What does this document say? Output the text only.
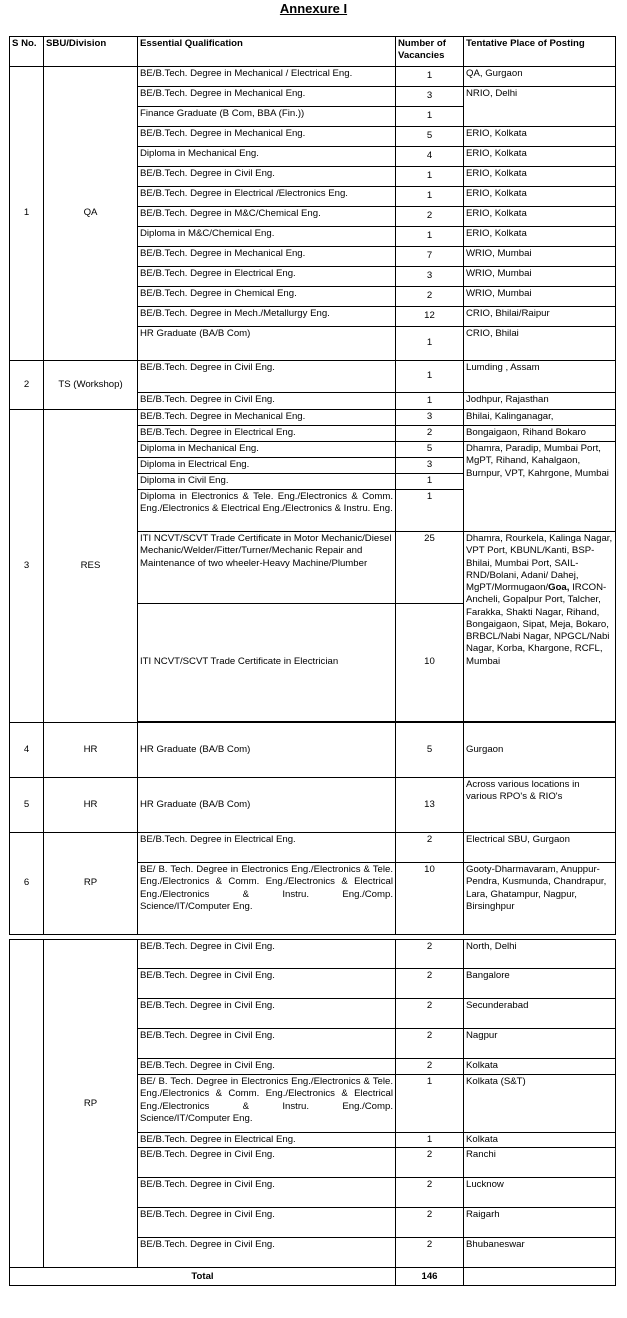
Annexure I
S No.	SBU/Division	Essential Qualification	Number of Vacancies	Tentative Place of Posting
1	QA	BE/B.Tech. Degree in Mechanical / Electrical Eng.	1	QA, Gurgaon
		BE/B.Tech. Degree in Mechanical Eng.	3	NRIO, Delhi
		Finance Graduate (B Com, BBA (Fin.))	1	
		BE/B.Tech. Degree in Mechanical Eng.	5	ERIO, Kolkata
		Diploma in Mechanical Eng.	4	ERIO, Kolkata
		BE/B.Tech. Degree in Civil Eng.	1	ERIO, Kolkata
		BE/B.Tech. Degree in Electrical /Electronics Eng.	1	ERIO, Kolkata
		BE/B.Tech. Degree in M&C/Chemical Eng.	2	ERIO, Kolkata
		Diploma in M&C/Chemical Eng.	1	ERIO, Kolkata
		BE/B.Tech. Degree in Mechanical Eng.	7	WRIO, Mumbai
		BE/B.Tech. Degree in Electrical Eng.	3	WRIO, Mumbai
		BE/B.Tech. Degree in Chemical Eng.	2	WRIO, Mumbai
		BE/B.Tech. Degree in Mech./Metallurgy Eng.	12	CRIO, Bhilai/Raipur
		HR Graduate (BA/B Com)	1	CRIO, Bhilai
2	TS (Workshop)	BE/B.Tech. Degree in Civil Eng.	1	Lumding , Assam
		BE/B.Tech. Degree in Civil Eng.	1	Jodhpur, Rajasthan
3	RES	BE/B.Tech. Degree in Mechanical Eng.	3	Bhilai, Kalinganagar,
		BE/B.Tech. Degree in Electrical Eng.	2	Bongaigaon, Rihand Bokaro
		Diploma in Mechanical Eng.	5	Dhamra, Paradip, Mumbai Port, MgPT, Rihand, Kahalgaon, Burnpur, VPT, Kahrgone, Mumbai
		Diploma in Electrical Eng.	3	
		Diploma in Civil Eng.	1	
		Diploma in Electronics & Tele. Eng./Electronics & Comm. Eng./Electronics & Electrical Eng./Electronics & Instru. Eng.	1	
		ITI NCVT/SCVT Trade Certificate in Motor Mechanic/Diesel Mechanic/Welder/Fitter/Turner/Mechanic Repair and Maintenance of two wheeler-Heavy Machine/Plumber	25	Dhamra, Rourkela, Kalinga Nagar, VPT Port, KBUNL/Kanti, BSP-Bhilai, Mumbai Port, SAIL-RND/Bolani, Adani/ Dahej, MgPT/Mormugaon/Goa, IRCON-Ancheli, Gopalpur Port, Talcher, Farakka, Shakti Nagar, Rihand, Bongaigaon, Sipat, Meja, Bokaro, BRBCL/Nabi Nagar, NPGCL/Nabi Nagar, Korba, Khargone, RCFL, Mumbai
		ITI NCVT/SCVT Trade Certificate in Electrician	10	

4	HR	HR Graduate (BA/B Com)	5	Gurgaon
5	HR	HR Graduate (BA/B Com)	13	Across various locations in various RPO's & RIO's
6	RP	BE/B.Tech. Degree in Electrical Eng.	2	Electrical SBU, Gurgaon
		BE/ B. Tech. Degree in Electronics Eng./Electronics & Tele. Eng./Electronics & Comm. Eng./Electronics & Electrical Eng./Electronics & Instru. Eng./Comp. Science/IT/Computer Eng.	10	Gooty-Dharmavaram, Anuppur- Pendra, Kusmunda, Chandrapur, Lara, Ghatampur, Nagpur, Birsinghpur

	RP	BE/B.Tech. Degree in Civil Eng.	2	North, Delhi
		BE/B.Tech. Degree in Civil Eng.	2	Bangalore
		BE/B.Tech. Degree in Civil Eng.	2	Secunderabad
		BE/B.Tech. Degree in Civil Eng.	2	Nagpur
		BE/B.Tech. Degree in Civil Eng.	2	Kolkata
		BE/ B. Tech. Degree in Electronics Eng./Electronics & Tele. Eng./Electronics & Comm. Eng./Electronics & Electrical Eng./Electronics & Instru. Eng./Comp. Science/IT/Computer Eng.	1	Kolkata (S&T)
		BE/B.Tech. Degree in Electrical Eng.	1	Kolkata
		BE/B.Tech. Degree in Civil Eng.	2	Ranchi
		BE/B.Tech. Degree in Civil Eng.	2	Lucknow
		BE/B.Tech. Degree in Civil Eng.	2	Raigarh
		BE/B.Tech. Degree in Civil Eng.	2	Bhubaneswar
Total			146	
